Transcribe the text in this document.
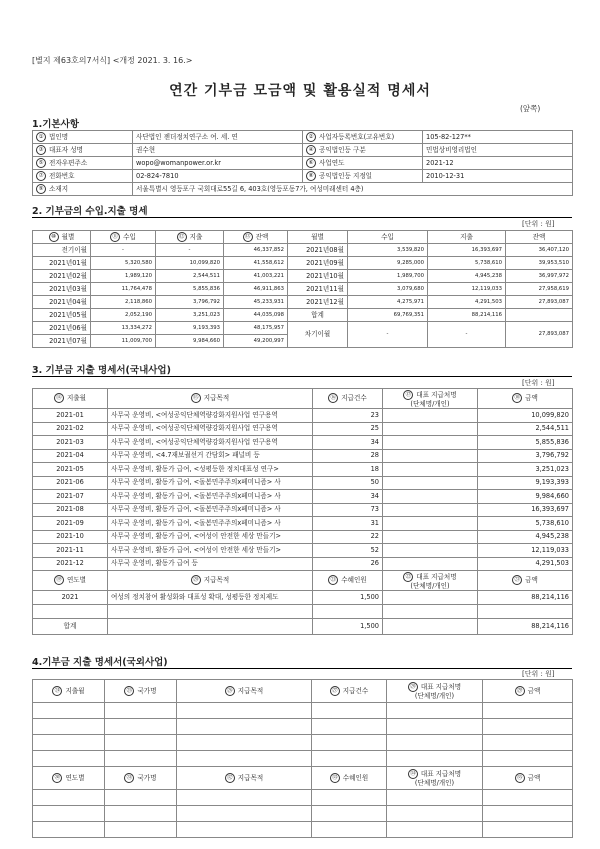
[별지 제63호의7서식] <개정 2021. 3. 16.>
연간 기부금 모금액 및 활용실적 명세서
(앞쪽)
1.기본사항
① 법인명	사단법인 젠더정치연구소 여. 세. 연	② 사업자등록번호(고유번호)	105-82-127**
③ 대표자 성명	권수현	④ 공익법인등 구분	민법상비영리법인
⑤ 전자우편주소	wopo@womanpower.or.kr	⑥ 사업연도	2021-12
⑦ 전화번호	02-824-7810	⑧ 공익법인등 지정일	2010-12-31
⑨ 소재지	서울특별시 영등포구 국회대로55길 6, 403호(영등포동7가, 여성미래센터 4층)		
2. 기부금의 수입.지출 명세
[단위 : 원]
⑩ 월별	⑪ 수입	⑫ 지출	⑬ 잔액	월별	수입	지출	잔액
전기이월	-	-	46,337,852	2021년08월	3,539,820	16,393,697	36,407,120
2021년01월	5,320,580	10,099,820	41,558,612	2021년09월	9,285,000	5,738,610	39,953,510
2021년02월	1,989,120	2,544,511	41,003,221	2021년10월	1,989,700	4,945,238	36,997,972
2021년03월	11,764,478	5,855,836	46,911,863	2021년11월	3,079,680	12,119,033	27,958,619
2021년04월	2,118,860	3,796,792	45,233,931	2021년12월	4,275,971	4,291,503	27,893,087
2021년05월	2,052,190	3,251,023	44,035,098	합계	69,769,351	88,214,116	
2021년06월	13,334,272	9,193,393	48,175,957	차기이월	-	-	27,893,087
2021년07월	11,009,700	9,984,660	49,200,997				
3. 기부금 지출 명세서(국내사업)
[단위 : 원]
⑭ 지출월	⑮ 지급목적	⑯ 지급건수	⑰ 대표 지급처명
(단체명/개인)	⑱ 금액
2021-01	사무국 운영비, <여성공익단체역량강화지원사업 연구용역	23		10,099,820
2021-02	사무국 운영비, <여성공익단체역량강화지원사업 연구용역	25		2,544,511
2021-03	사무국 운영비, <여성공익단체역량강화지원사업 연구용역	34		5,855,836
2021-04	사무국 운영비, <4.7재보궐선거 간담회> 패널비 등	28		3,796,792
2021-05	사무국 운영비, 활동가 급여, <성평등한 정치대표성 연구>	18		3,251,023
2021-06	사무국 운영비, 활동가 급여, <돌봄민주주의x페미니즘> 사	50		9,193,393
2021-07	사무국 운영비, 활동가 급여, <돌봄민주주의x페미니즘> 사	34		9,984,660
2021-08	사무국 운영비, 활동가 급여, <돌봄민주주의x페미니즘> 사	73		16,393,697
2021-09	사무국 운영비, 활동가 급여, <돌봄민주주의x페미니즘> 사	31		5,738,610
2021-10	사무국 운영비, 활동가 급여, <여성이 안전한 세상 만들기>	22		4,945,238
2021-11	사무국 운영비, 활동가 급여, <여성이 안전한 세상 만들기>	52		12,119,033
2021-12	사무국 운영비, 활동가 급여 등	26		4,291,503
⑲ 연도별	⑳ 지급목적	㉑ 수혜인원	㉒ 대표 지급처명
(단체명/개인)	㉓ 금액
2021	여성의 정치참여 활성화와 대표성 확대, 성평등한 정치제도	1,500		88,214,116

합계		1,500		88,214,116
4.기부금 지출 명세서(국외사업)
[단위 : 원]
㉔ 지출월	㉕ 국가명	㉖ 지급목적	㉗ 지급건수	㉘ 대표 지급처명
(단체명/개인)	㉙ 금액

㉚ 연도별	㉛ 국가명	㉜ 지급목적	㉝ 수혜인원	㉞ 대표 지급처명
(단체명/개인)	㉟ 금액
